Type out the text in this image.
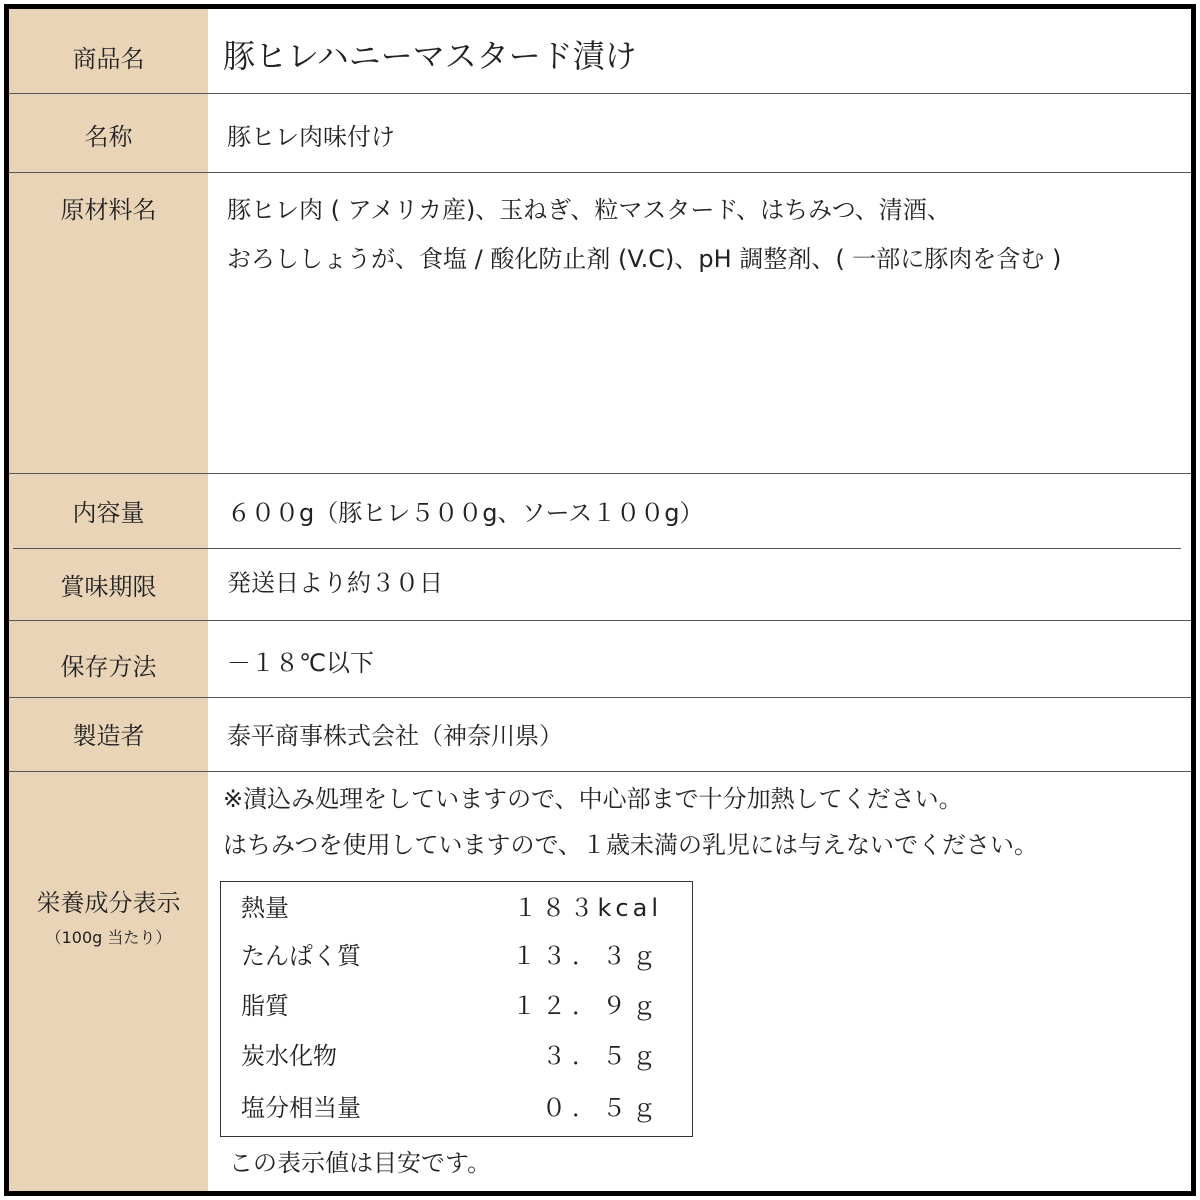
商品名	豚ヒレハニーマスタード漬け
名称	豚ヒレ肉味付け
原材料名	豚ヒレ肉 ( アメリカ産)、玉ねぎ、粒マスタード、はちみつ、清酒、
おろししょうが、食塩 / 酸化防止剤 (V.C)、pH 調整剤、( 一部に豚肉を含む )
内容量	６００g（豚ヒレ５００g、ソース１００g）
賞味期限	発送日より約３０日
保存方法	－１８℃以下
製造者	泰平商事株式会社（神奈川県）
栄養成分表示
（100g 当たり）
※漬込み処理をしていますので、中心部まで十分加熱してください。
はちみつを使用していますので、１歳未満の乳児には与えないでください。
熱量	１８３kcal
たんぱく質	１３．３ｇ
脂質	１２．９ｇ
炭水化物	３．５ｇ
塩分相当量	０．５ｇ
この表示値は目安です。
